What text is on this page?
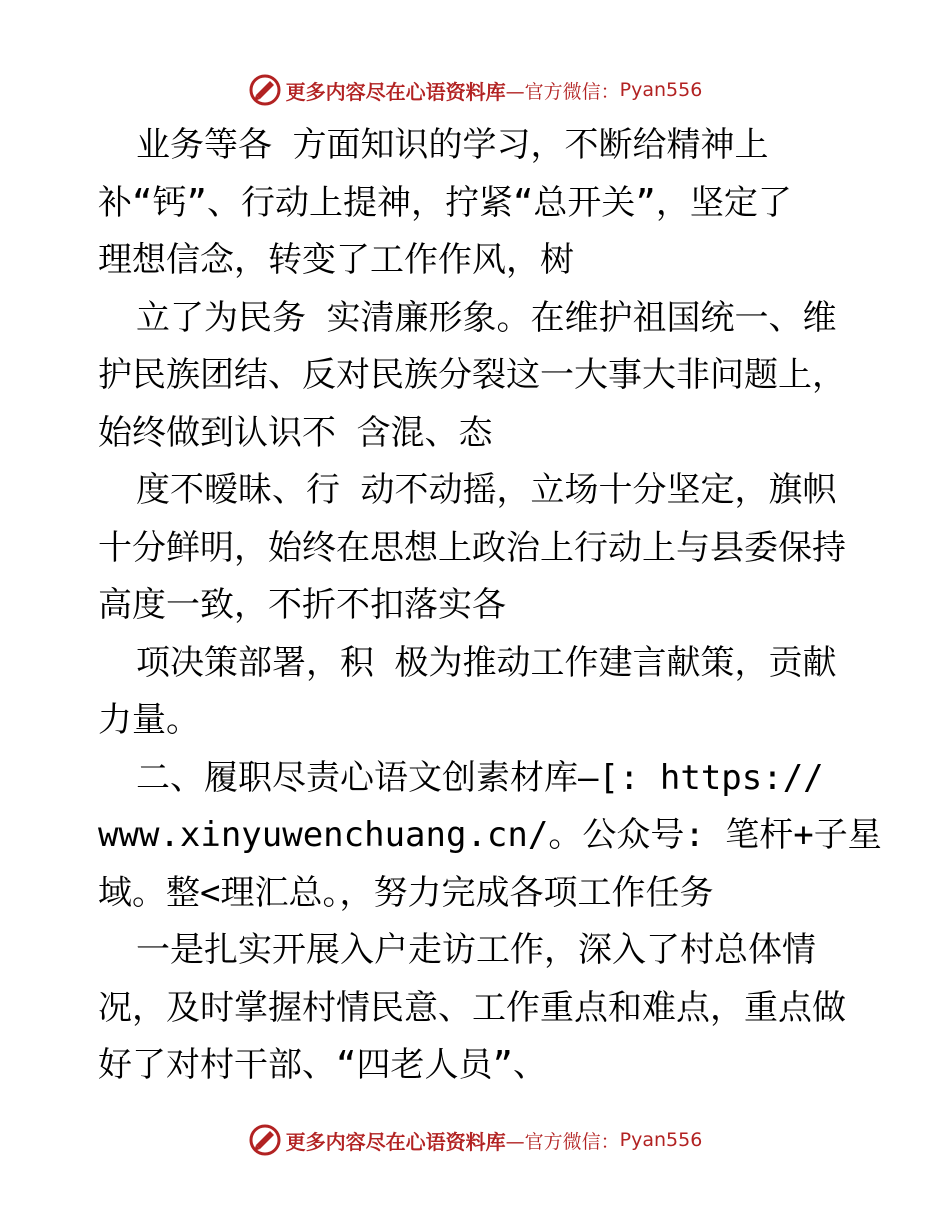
更多内容尽在心语资料库 —官方微信： Pyan556
业务等各 方面知识的学习，不断给精神上
补“钙”、行动上提神，拧紧“总开关”，坚定了
理想信念，转变了工作作风，树
立了为民务 实清廉形象。在维护祖国统一、维
护民族团结、反对民族分裂这一大事大非问题上，
始终做到认识不 含混、态
度不暧昧、行 动不动摇，立场十分坚定，旗帜
十分鲜明，始终在思想上政治上行动上与县委保持
高度一致，不折不扣落实各
项决策部署，积 极为推动工作建言献策，贡献
力量。
二、履职尽责心语文创素材库—[: https://
www.xinyuwenchuang.cn/。公众号: 笔杆+子星
域。整<理汇总。，努力完成各项工作任务
一是扎实开展入户走访工作，深入了村总体情
况，及时掌握村情民意、工作重点和难点，重点做
好了对村干部、“四老人员”、
更多内容尽在心语资料库 —官方微信： Pyan556
